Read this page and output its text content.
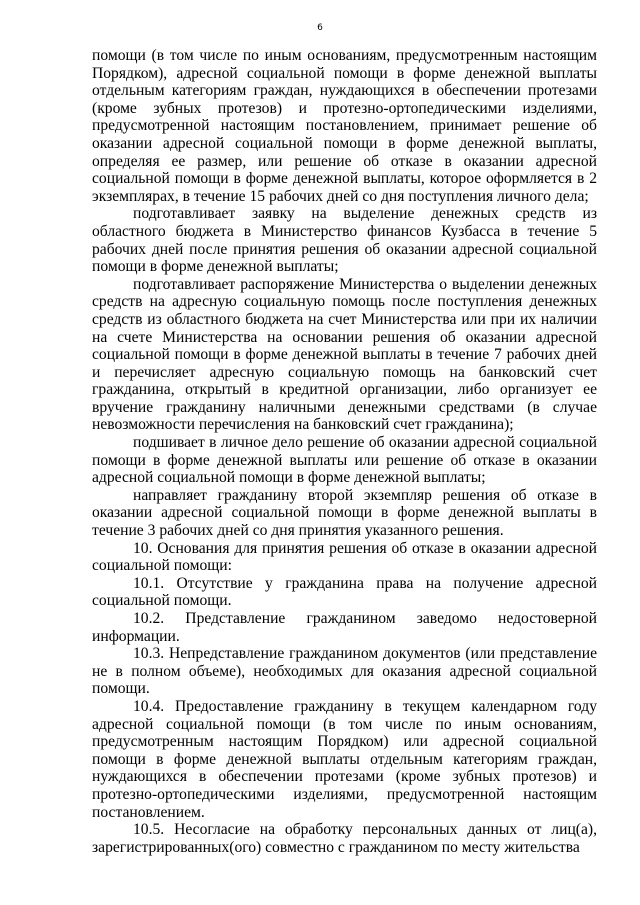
6

помощи (в том числе по иным основаниям, предусмотренным настоящим Порядком), адресной социальной помощи в форме денежной выплаты отдельным категориям граждан, нуждающихся в обеспечении протезами (кроме зубных протезов) и протезно-ортопедическими изделиями, предусмотренной настоящим постановлением, принимает решение об оказании адресной социальной помощи в форме денежной выплаты, определяя ее размер, или решение об отказе в оказании адресной социальной помощи в форме денежной выплаты, которое оформляется в 2 экземплярах, в течение 15 рабочих дней со дня поступления личного дела;

подготавливает заявку на выделение денежных средств из областного бюджета в Министерство финансов Кузбасса в течение 5 рабочих дней после принятия решения об оказании адресной социальной помощи в форме денежной выплаты;

подготавливает распоряжение Министерства о выделении денежных средств на адресную социальную помощь после поступления денежных средств из областного бюджета на счет Министерства или при их наличии на счете Министерства на основании решения об оказании адресной социальной помощи в форме денежной выплаты в течение 7 рабочих дней и перечисляет адресную социальную помощь на банковский счет гражданина, открытый в кредитной организации, либо организует ее вручение гражданину наличными денежными средствами (в случае невозможности перечисления на банковский счет гражданина);

подшивает в личное дело решение об оказании адресной социальной помощи в форме денежной выплаты или решение об отказе в оказании адресной социальной помощи в форме денежной выплаты;

направляет гражданину второй экземпляр решения об отказе в оказании адресной социальной помощи в форме денежной выплаты в течение 3 рабочих дней со дня принятия указанного решения.

10. Основания для принятия решения об отказе в оказании адресной социальной помощи:

10.1. Отсутствие у гражданина права на получение адресной социальной помощи.

10.2. Представление гражданином заведомо недостоверной информации.

10.3. Непредставление гражданином документов (или представление не в полном объеме), необходимых для оказания адресной социальной помощи.

10.4. Предоставление гражданину в текущем календарном году адресной социальной помощи (в том числе по иным основаниям, предусмотренным настоящим Порядком) или адресной социальной помощи в форме денежной выплаты отдельным категориям граждан, нуждающихся в обеспечении протезами (кроме зубных протезов) и протезно-ортопедическими изделиями, предусмотренной настоящим постановлением.

10.5. Несогласие на обработку персональных данных от лиц(а), зарегистрированных(ого) совместно с гражданином по месту жительства
